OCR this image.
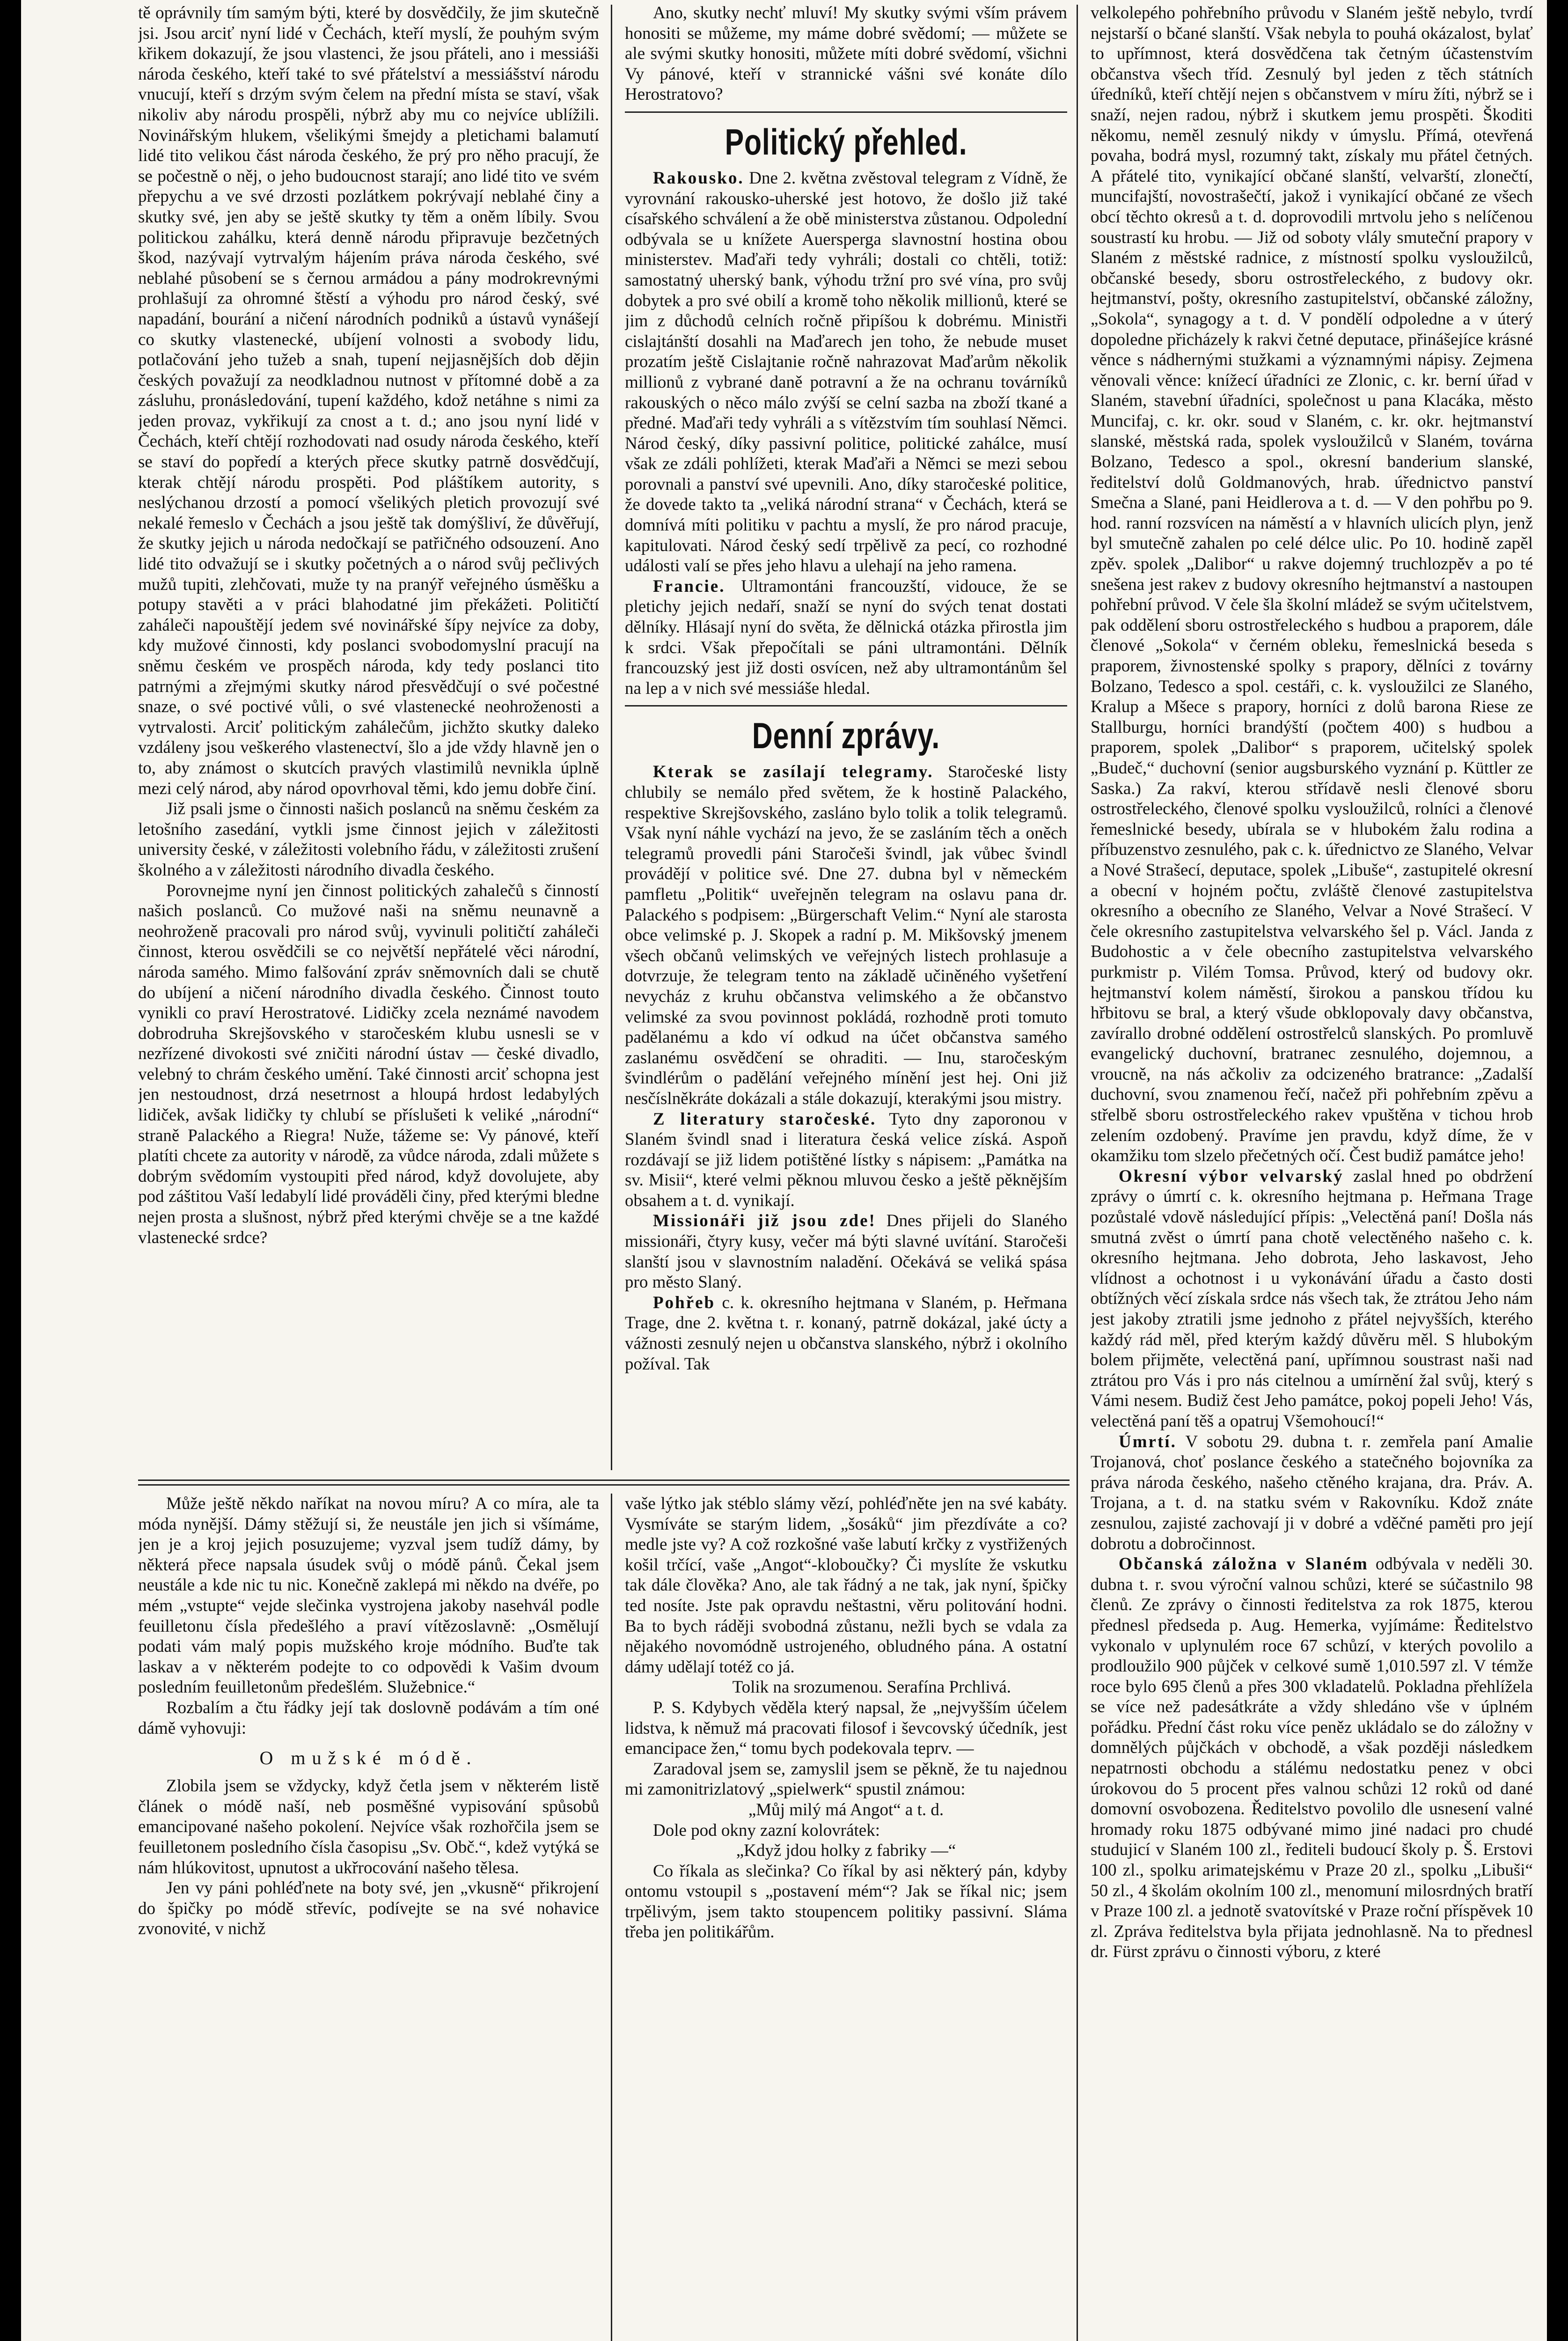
tě oprávnily tím samým býti, které by dosvědčily, že jim skutečně jsi. Jsou arciť nyní lidé v Čechách, kteří myslí, že pouhým svým křikem dokazují, že jsou vlastenci, že jsou přáteli, ano i messiáši národa českého, kteří také to své přátelství a messiášství národu vnucují, kteří s drzým svým čelem na přední místa se staví, však nikoliv aby národu prospěli, nýbrž aby mu co nejvíce ublížili. Novinářským hlukem, všelikými šmejdy a pletichami balamutí lidé tito velikou část národa českého, že prý pro něho pracují, že se počestně o něj, o jeho budoucnost starají; ano lidé tito ve svém přepychu a ve své drzosti pozlátkem pokrývají neblahé činy a skutky své, jen aby se ještě skutky ty těm a oněm líbily. Svou politickou zahálku, která denně národu připravuje bezčetných škod, nazývají vytrvalým hájením práva národa českého, své neblahé působení se s černou armádou a pány modrokrevnými prohlašují za ohromné štěstí a výhodu pro národ český, své napadání, bourání a ničení národních podniků a ústavů vynášejí co skutky vlastenecké, ubíjení volnosti a svobody lidu, potlačování jeho tužeb a snah, tupení nejjasnějších dob dějin českých považují za neodkladnou nutnost v přítomné době a za zásluhu, pronásledování, tupení každého, kdož netáhne s nimi za jeden provaz, vykřikují za cnost a t. d.; ano jsou nyní lidé v Čechách, kteří chtějí rozhodovati nad osudy národa českého, kteří se staví do popředí a kterých přece skutky patrně dosvědčují, kterak chtějí národu prospěti. Pod pláštíkem autority, s neslýchanou drzostí a pomocí všelikých pletich provozují své nekalé řemeslo v Čechách a jsou ještě tak domýšliví, že důvěřují, že skutky jejich u národa nedočkají se patřičného odsouzení. Ano lidé tito odvažují se i skutky početných a o národ svůj pečlivých mužů tupiti, zlehčovati, muže ty na pranýř veřejného úsměšku a potupy stavěti a v práci blahodatné jim překážeti. Političtí zaháleči napouštějí jedem své novinářské šípy nejvíce za doby, kdy mužové činnosti, kdy poslanci svobodomyslní pracují na sněmu českém ve prospěch národa, kdy tedy poslanci tito patrnými a zřejmými skutky národ přesvědčují o své počestné snaze, o své poctivé vůli, o své vlastenecké neohroženosti a vytrvalosti. Arciť politickým zahálečům, jichžto skutky daleko vzdáleny jsou veškerého vlastenectví, šlo a jde vždy hlavně jen o to, aby známost o skutcích pravých vlastimilů nevnikla úplně mezi celý národ, aby národ opovrhoval těmi, kdo jemu dobře činí.

Již psali jsme o činnosti našich poslanců na sněmu českém za letošního zasedání, vytkli jsme činnost jejich v záležitosti university české, v záležitosti volebního řádu, v záležitosti zrušení školného a v záležitosti národního divadla českého.

Porovnejme nyní jen činnost politických zahalečů s činností našich poslanců. Co mužové naši na sněmu neunavně a neohroženě pracovali pro národ svůj, vyvinuli političtí zaháleči činnost, kterou osvědčili se co největší nepřátelé věci národní, národa samého. Mimo falšování zpráv sněmovních dali se chutě do ubíjení a ničení národního divadla českého. Činnost touto vynikli co praví Herostratové. Lidičky zcela neznámé navodem dobrodruha Skrejšovského v staročeském klubu usnesli se v nezřízené divokosti své zničiti národní ústav — české divadlo, velebný to chrám českého umění. Také činnosti arciť schopna jest jen nestoudnost, drzá nesetrnost a hloupá hrdost ledabylých lidiček, avšak lidičky ty chlubí se příslušeti k veliké „národní“ straně Palackého a Riegra! Nuže, tážeme se: Vy pánové, kteří platíti chcete za autority v národě, za vůdce národa, zdali můžete s dobrým svědomím vystoupiti před národ, když dovolujete, aby pod záštitou Vaší ledabylí lidé prováděli činy, před kterými bledne nejen prosta a slušnost, nýbrž před kterými chvěje se a tne každé vlastenecké srdce?

Ano, skutky nechť mluví! My skutky svými vším právem honositi se můžeme, my máme dobré svědomí; — můžete se ale svými skutky honositi, můžete míti dobré svědomí, všichni Vy pánové, kteří v strannické vášni své konáte dílo Herostratovo?

Politický přehled.

Rakousko. Dne 2. května zvěstoval telegram z Vídně, že vyrovnání rakousko-uherské jest hotovo, že došlo již také císařského schválení a že obě ministerstva zůstanou. Odpolední odbývala se u knížete Auersperga slavnostní hostina obou ministerstev. Maďaři tedy vyhráli; dostali co chtěli, totiž: samostatný uherský bank, výhodu tržní pro své vína, pro svůj dobytek a pro své obilí a kromě toho několik millionů, které se jim z důchodů celních ročně připíšou k dobrému. Ministři cislajtánští dosahli na Maďarech jen toho, že nebude muset prozatím ještě Cislajtanie ročně nahrazovat Maďarům několik millionů z vybrané daně potravní a že na ochranu továrníků rakouských o něco málo zvýší se celní sazba na zboží tkané a předné. Maďaři tedy vyhráli a s vítězstvím tím souhlasí Němci. Národ český, díky passivní politice, politické zahálce, musí však ze zdáli pohlížeti, kterak Maďaři a Němci se mezi sebou porovnali a panství své upevnili. Ano, díky staročeské politice, že dovede takto ta „veliká národní strana“ v Čechách, která se domnívá míti politiku v pachtu a myslí, že pro národ pracuje, kapitulovati. Národ český sedí trpělivě za pecí, co rozhodné události valí se přes jeho hlavu a ulehají na jeho ramena.

Francie. Ultramontáni francouzští, vidouce, že se pletichy jejich nedaří, snaží se nyní do svých tenat dostati dělníky. Hlásají nyní do světa, že dělnická otázka přirostla jim k srdci. Však přepočítali se páni ultramontáni. Dělník francouzský jest již dosti osvícen, než aby ultramontánům šel na lep a v nich své messiáše hledal.

Denní zprávy.

Kterak se zasílají telegramy. Staročeské listy chlubily se nemálo před světem, že k hostině Palackého, respektive Skrejšovského, zasláno bylo tolik a tolik telegramů. Však nyní náhle vychází na jevo, že se zasláním těch a oněch telegramů provedli páni Staročeši švindl, jak vůbec švindl provádějí v politice své. Dne 27. dubna byl v německém pamfletu „Politik“ uveřejněn telegram na oslavu pana dr. Palackého s podpisem: „Bürgerschaft Velim.“ Nyní ale starosta obce velimské p. J. Skopek a radní p. M. Mikšovský jmenem všech občanů velimských ve veřejných listech prohlasuje a dotvrzuje, že telegram tento na základě učiněného vyšetření nevycház z kruhu občanstva velimského a že občanstvo velimské za svou povinnost pokládá, rozhodně proti tomuto padělanému a kdo ví odkud na účet občanstva samého zaslanému osvědčení se ohraditi. — Inu, staročeským švindlérům o padělání veřejného mínění jest hej. Oni již nesčíslněkráte dokázali a stále dokazují, kterakými jsou mistry.

Z literatury staročeské. Tyto dny zaporonou v Slaném švindl snad i literatura česká velice získá. Aspoň rozdávají se již lidem potištěné lístky s nápisem: „Památka na sv. Misii“, které velmi pěknou mluvou česko a ještě pěknějším obsahem a t. d. vynikají.

Missionáři již jsou zde! Dnes přijeli do Slaného missionáři, čtyry kusy, večer má býti slavné uvítání. Staročeši slanští jsou v slavnostním naladění. Očekává se veliká spása pro město Slaný.

Pohřeb c. k. okresního hejtmana v Slaném, p. Heřmana Trage, dne 2. května t. r. konaný, patrně dokázal, jaké úcty a vážnosti zesnulý nejen u občanstva slanského, nýbrž i okolního požíval. Tak

velkolepého pohřebního průvodu v Slaném ještě nebylo, tvrdí nejstarší o bčané slanští. Však nebyla to pouhá okázalost, bylať to upřímnost, která dosvědčena tak četným účastenstvím občanstva všech tříd. Zesnulý byl jeden z těch státních úředníků, kteří chtějí nejen s občanstvem v míru žíti, nýbrž se i snaží, nejen radou, nýbrž i skutkem jemu prospěti. Škoditi někomu, neměl zesnulý nikdy v úmyslu. Přímá, otevřená povaha, bodrá mysl, rozumný takt, získaly mu přátel četných. A přátelé tito, vynikající občané slanští, velvarští, zlonečtí, muncifajští, novostrašečtí, jakož i vynikající občané ze všech obcí těchto okresů a t. d. doprovodili mrtvolu jeho s nelíčenou soustrastí ku hrobu. — Již od soboty vlály smuteční prapory v Slaném z městské radnice, z místností spolku vysloužilců, občanské besedy, sboru ostrostřeleckého, z budovy okr. hejtmanství, pošty, okresního zastupitelství, občanské záložny, „Sokola“, synagogy a t. d. V pondělí odpoledne a v úterý dopoledne přicházely k rakvi četné deputace, přinášejíce krásné věnce s nádhernými stužkami a významnými nápisy. Zejmena věnovali věnce: knížecí úřadníci ze Zlonic, c. kr. berní úřad v Slaném, stavební úřadníci, společnost u pana Klacáka, město Muncifaj, c. kr. okr. soud v Slaném, c. kr. okr. hejtmanství slanské, městská rada, spolek vysloužilců v Slaném, továrna Bolzano, Tedesco a spol., okresní banderium slanské, ředitelství dolů Goldmanových, hrab. úřednictvo panství Smečna a Slané, pani Heidlerova a t. d. — V den pohřbu po 9. hod. ranní rozsvícen na náměstí a v hlavních ulicích plyn, jenž byl smutečně zahalen po celé délce ulic. Po 10. hodině zapěl zpěv. spolek „Dalibor“ u rakve dojemný truchlozpěv a po té snešena jest rakev z budovy okresního hejtmanství a nastoupen pohřební průvod. V čele šla školní mládež se svým učitelstvem, pak oddělení sboru ostrostřeleckého s hudbou a praporem, dále členové „Sokola“ v černém obleku, řemeslnická beseda s praporem, živnostenské spolky s prapory, dělníci z továrny Bolzano, Tedesco a spol. cestáři, c. k. vysloužilci ze Slaného, Kralup a Mšece s prapory, horníci z dolů barona Riese ze Stallburgu, horníci brandýští (počtem 400) s hudbou a praporem, spolek „Dalibor“ s praporem, učitelský spolek „Budeč,“ duchovní (senior augsburského vyznání p. Küttler ze Saska.) Za rakví, kterou střídavě nesli členové sboru ostrostřeleckého, členové spolku vysloužilců, rolníci a členové řemeslnické besedy, ubírala se v hlubokém žalu rodina a příbuzenstvo zesnulého, pak c. k. úřednictvo ze Slaného, Velvar a Nové Strašecí, deputace, spolek „Libuše“, zastupitelé okresní a obecní v hojném počtu, zvláště členové zastupitelstva okresního a obecního ze Slaného, Velvar a Nové Strašecí. V čele okresního zastupitelstva velvarského šel p. Václ. Janda z Budohostic a v čele obecního zastupitelstva velvarského purkmistr p. Vilém Tomsa. Průvod, který od budovy okr. hejtmanství kolem náměstí, širokou a panskou třídou ku hřbitovu se bral, a který všude obklopovaly davy občanstva, zavírallo drobné oddělení ostrostřelců slanských. Po promluvě evangelický duchovní, bratranec zesnulého, dojemnou, a vroucně, na nás ačkoliv za odcizeného bratrance: „Zadalší duchovní, svou znamenou řečí, načež při pohřebním zpěvu a střelbě sboru ostrostřeleckého rakev vpuštěna v tichou hrob zelením ozdobený. Pravíme jen pravdu, když díme, že v okamžiku tom slzelo přečetných očí. Čest budiž památce jeho!

Okresní výbor velvarský zaslal hned po obdržení zprávy o úmrtí c. k. okresního hejtmana p. Heřmana Trage pozůstalé vdově následující přípis: „Velectěná paní! Došla nás smutná zvěst o úmrtí pana chotě velectěného našeho c. k. okresního hejtmana. Jeho dobrota, Jeho laskavost, Jeho vlídnost a ochotnost i u vykonávání úřadu a často dosti obtížných věcí získala srdce nás všech tak, že ztrátou Jeho nám jest jakoby ztratili jsme jednoho z přátel nejvyšších, kterého každý rád měl, před kterým každý důvěru měl. S hlubokým bolem přijměte, velectěná paní, upřímnou soustrast naši nad ztrátou pro Vás i pro nás citelnou a umírnění žal svůj, který s Vámi nesem. Budiž čest Jeho památce, pokoj popeli Jeho! Vás, velectěná paní těš a opatruj Všemohoucí!“

Úmrtí. V sobotu 29. dubna t. r. zemřela paní Amalie Trojanová, choť poslance českého a statečného bojovníka za práva národa českého, našeho ctěného krajana, dra. Práv. A. Trojana, a t. d. na statku svém v Rakovníku. Kdož znáte zesnulou, zajisté zachovají ji v dobré a vděčné paměti pro její dobrotu a dobročinnost.

Občanská záložna v Slaném odbývala v neděli 30. dubna t. r. svou výroční valnou schůzi, které se súčastnilo 98 členů. Ze zprávy o činnosti ředitelstva za rok 1875, kterou přednesl předseda p. Aug. Hemerka, vyjímáme: Ředitelstvo vykonalo v uplynulém roce 67 schůzí, v kterých povolilo a prodloužilo 900 půjček v celkové sumě 1,010.597 zl. V témže roce bylo 695 členů a přes 300 vkladatelů. Pokladna přehlížela se více než padesátkráte a vždy shledáno vše v úplném pořádku. Přední část roku více peněz ukládalo se do záložny v domnělých půjčkách v obchodě, a však později následkem nepatrnosti obchodu a stálému nedostatku penez v obci úrokovou do 5 procent přes valnou schůzi 12 roků od dané domovní osvobozena. Ředitelstvo povolilo dle usnesení valné hromady roku 1875 odbývané mimo jiné nadaci pro chudé studujicí v Slaném 100 zl., řediteli budoucí školy p. Š. Erstovi 100 zl., spolku arimatejskému v Praze 20 zl., spolku „Libuši“ 50 zl., 4 školám okolním 100 zl., menomuní milosrdných bratří v Praze 100 zl. a jednotě svatovítské v Praze roční příspěvek 10 zl. Zpráva ředitelstva byla přijata jednohlasně. Na to přednesl dr. Fürst zprávu o činnosti výboru, z které

Může ještě někdo naříkat na novou míru? A co míra, ale ta móda nynější. Dámy stěžují si, že neustále jen jich si všímáme, jen je a kroj jejich posuzujeme; vyzval jsem tudíž dámy, by některá přece napsala úsudek svůj o módě pánů. Čekal jsem neustále a kde nic tu nic. Konečně zaklepá mi někdo na dvéře, po mém „vstupte“ vejde slečinka vystrojena jakoby nasehvál podle feuilletonu čísla předešlého a praví vítězoslavně: „Osmělují podati vám malý popis mužského kroje módního. Buďte tak laskav a v některém podejte to co odpovědi k Vašim dvoum posledním feuilletonům předešlém. Služebnice.“

Rozbalím a čtu řádky její tak doslovně podávám a tím oné dámě vyhovuji:

O mužské módě.

Zlobila jsem se vždycky, když četla jsem v některém listě článek o módě naší, neb posměšné vypisování spůsobů emancipované našeho pokolení. Nejvíce však rozhořčila jsem se feuilletonem posledního čísla časopisu „Sv. Obč.“, kdež vytýká se nám hlúkovitost, upnutost a ukřrocování našeho tělesa.

Jen vy páni pohléďnete na boty své, jen „vkusně“ přikrojení do špičky po módě střevíc, podívejte se na své nohavice zvonovité, v nichž

vaše lýtko jak stéblo slámy vězí, pohléďněte jen na své kabáty. Vysmíváte se starým lidem, „šosáků“ jim přezdíváte a co? medle jste vy? A což rozkošné vaše labutí krčky z vystřižených košil trčící, vaše „Angot“-kloboučky? Či myslíte že vskutku tak dále člověka? Ano, ale tak řádný a ne tak, jak nyní, špičky ted nosíte. Jste pak opravdu neštastni, věru politování hodni. Ba to bych ráději svobodná zůstanu, nežli bych se vdala za nějakého novomódně ustrojeného, obludného pána. A ostatní dámy udělají totéž co já.

Tolik na srozumenou. Serafína Prchlivá.

P. S. Kdybych věděla který napsal, že „nejvyšším účelem lidstva, k němuž má pracovati filosof i ševcovský účedník, jest emancipace žen,“ tomu bych podekovala teprv. —

Zaradoval jsem se, zamyslil jsem se pěkně, že tu najednou mi zamonitrizlatový „spielwerk“ spustil známou:

„Můj milý má Angot“ a t. d.

Dole pod okny zazní kolovrátek:

„Když jdou holky z fabriky —“

Co říkala as slečinka? Co říkal by asi některý pán, kdyby ontomu vstoupil s „postavení mém“? Jak se říkal nic; jsem trpělivým, jsem takto stoupencem politiky passivní. Sláma třeba jen politikářům.
